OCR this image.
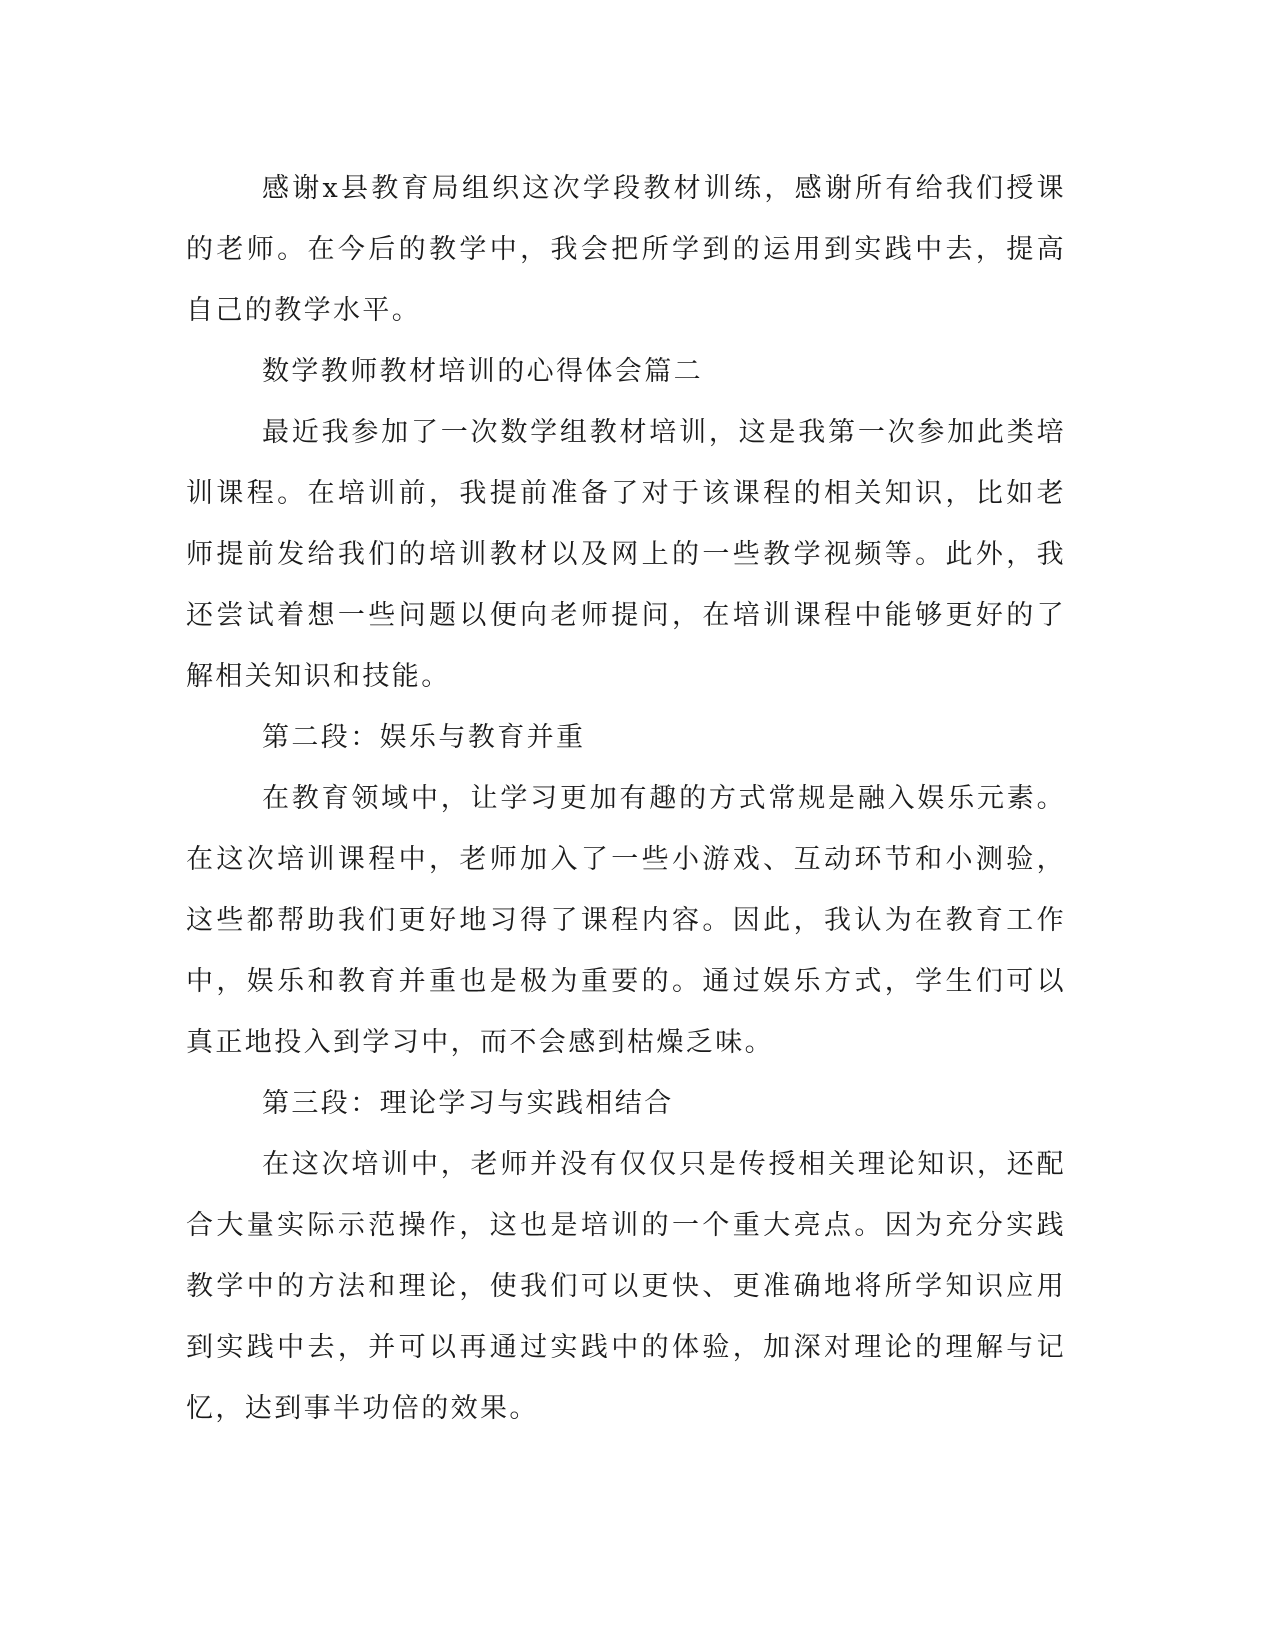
感谢x县教育局组织这次学段教材训练，感谢所有给我们授课的老师。在今后的教学中，我会把所学到的运用到实践中去，提高自己的教学水平。

数学教师教材培训的心得体会篇二

最近我参加了一次数学组教材培训，这是我第一次参加此类培训课程。在培训前，我提前准备了对于该课程的相关知识，比如老师提前发给我们的培训教材以及网上的一些教学视频等。此外，我还尝试着想一些问题以便向老师提问，在培训课程中能够更好的了解相关知识和技能。

第二段：娱乐与教育并重

在教育领域中，让学习更加有趣的方式常规是融入娱乐元素。在这次培训课程中，老师加入了一些小游戏、互动环节和小测验，这些都帮助我们更好地习得了课程内容。因此，我认为在教育工作中，娱乐和教育并重也是极为重要的。通过娱乐方式，学生们可以真正地投入到学习中，而不会感到枯燥乏味。

第三段：理论学习与实践相结合

在这次培训中，老师并没有仅仅只是传授相关理论知识，还配合大量实际示范操作，这也是培训的一个重大亮点。因为充分实践教学中的方法和理论，使我们可以更快、更准确地将所学知识应用到实践中去，并可以再通过实践中的体验，加深对理论的理解与记忆，达到事半功倍的效果。
